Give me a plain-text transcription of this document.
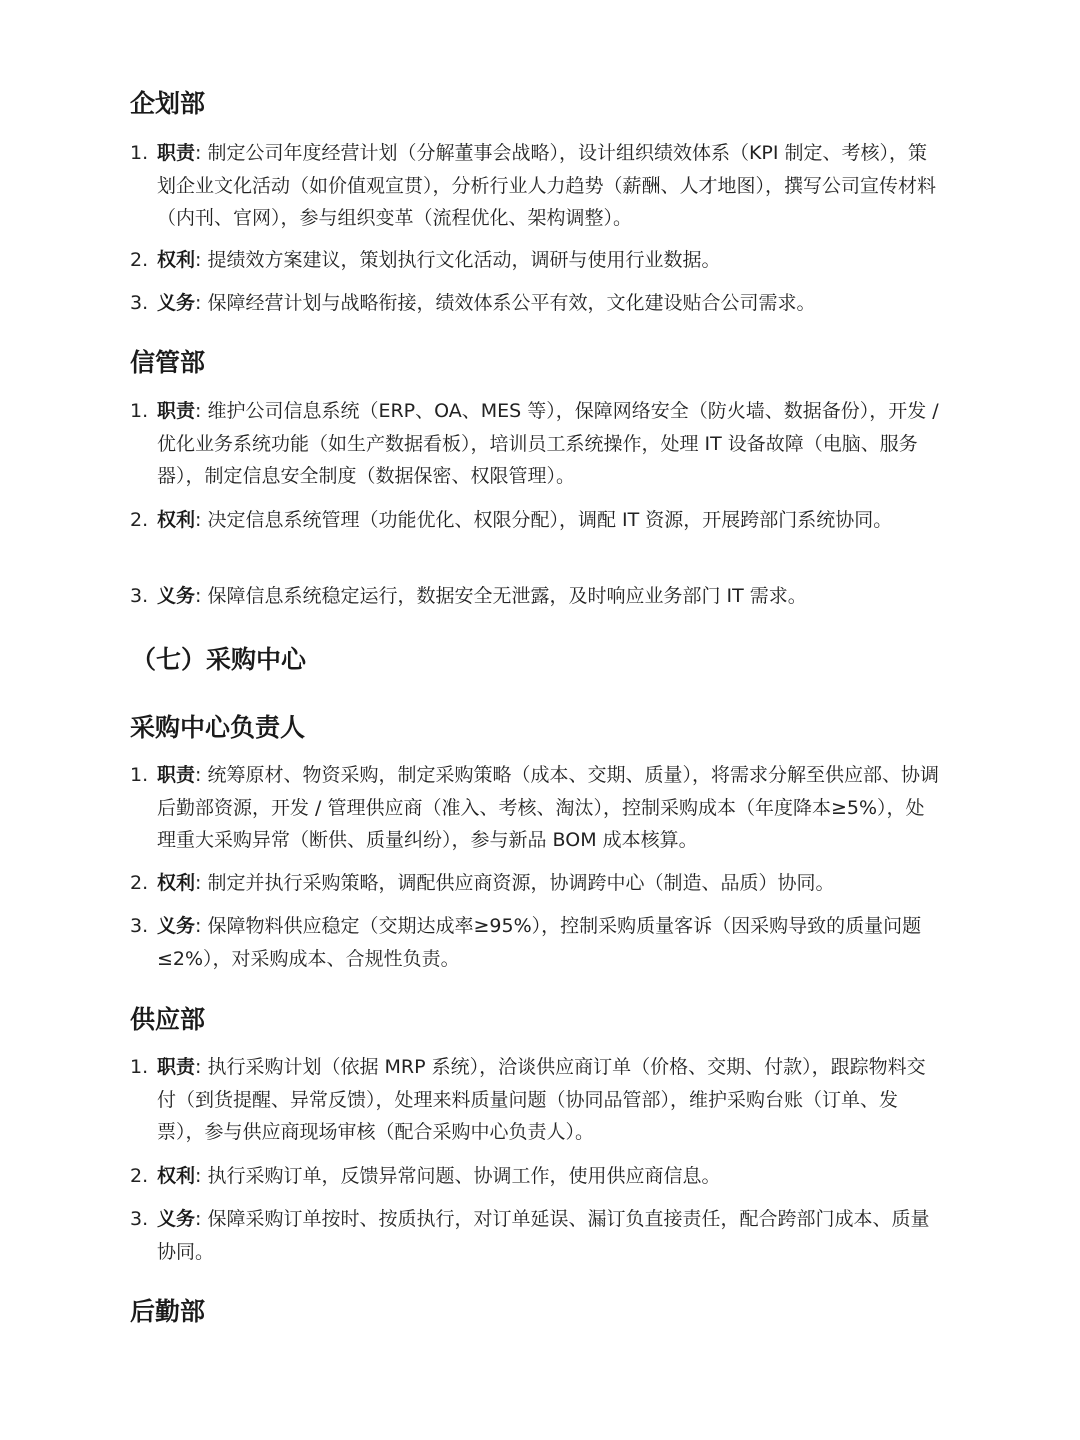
企划部
1. 职责: 制定公司年度经营计划（分解董事会战略），设计组织绩效体系（KPI 制定、考核），策划企业文化活动（如价值观宣贯），分析行业人力趋势（薪酬、人才地图），撰写公司宣传材料（内刊、官网），参与组织变革（流程优化、架构调整）。
2. 权利: 提绩效方案建议，策划执行文化活动，调研与使用行业数据。
3. 义务: 保障经营计划与战略衔接，绩效体系公平有效，文化建设贴合公司需求。
信管部
1. 职责: 维护公司信息系统（ERP、OA、MES 等），保障网络安全（防火墙、数据备份），开发 / 优化业务系统功能（如生产数据看板），培训员工系统操作，处理 IT 设备故障（电脑、服务器），制定信息安全制度（数据保密、权限管理）。
2. 权利: 决定信息系统管理（功能优化、权限分配），调配 IT 资源，开展跨部门系统协同。
3. 义务: 保障信息系统稳定运行，数据安全无泄露，及时响应业务部门 IT 需求。
（七）采购中心
采购中心负责人
1. 职责: 统筹原材、物资采购，制定采购策略（成本、交期、质量），将需求分解至供应部、协调后勤部资源，开发 / 管理供应商（准入、考核、淘汰），控制采购成本（年度降本≥5%），处理重大采购异常（断供、质量纠纷），参与新品 BOM 成本核算。
2. 权利: 制定并执行采购策略，调配供应商资源，协调跨中心（制造、品质）协同。
3. 义务: 保障物料供应稳定（交期达成率≥95%），控制采购质量客诉（因采购导致的质量问题≤2%），对采购成本、合规性负责。
供应部
1. 职责: 执行采购计划（依据 MRP 系统），洽谈供应商订单（价格、交期、付款），跟踪物料交付（到货提醒、异常反馈），处理来料质量问题（协同品管部），维护采购台账（订单、发票），参与供应商现场审核（配合采购中心负责人）。
2. 权利: 执行采购订单，反馈异常问题、协调工作，使用供应商信息。
3. 义务: 保障采购订单按时、按质执行，对订单延误、漏订负直接责任，配合跨部门成本、质量协同。
后勤部
